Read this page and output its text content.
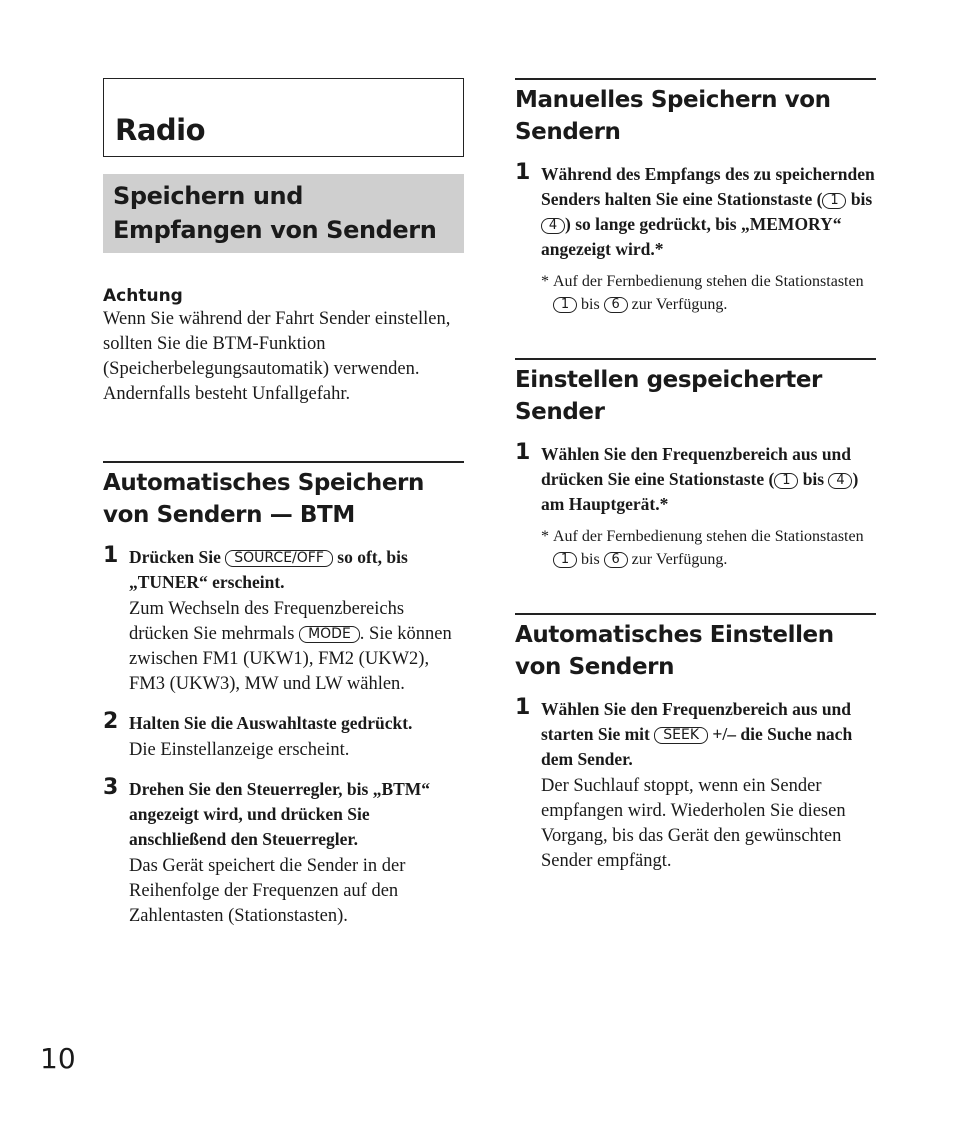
Radio
Speichern und Empfangen von Sendern
Achtung
Wenn Sie während der Fahrt Sender einstellen, sollten Sie die BTM-Funktion (Speicherbelegungsautomatik) verwenden. Andernfalls besteht Unfallgefahr.
Automatisches Speichern von Sendern — BTM
1 Drücken Sie SOURCE/OFF so oft, bis „TUNER“ erscheint.
Zum Wechseln des Frequenzbereichs drücken Sie mehrmals MODE . Sie können zwischen FM1 (UKW1), FM2 (UKW2), FM3 (UKW3), MW und LW wählen.
2 Halten Sie die Auswahltaste gedrückt.
Die Einstellanzeige erscheint.
3 Drehen Sie den Steuerregler, bis „BTM“ angezeigt wird, und drücken Sie anschließend den Steuerregler.
Das Gerät speichert die Sender in der Reihenfolge der Frequenzen auf den Zahlentasten (Stationstasten).
Manuelles Speichern von Sendern
1 Während des Empfangs des zu speichernden Senders halten Sie eine Stationstaste ( 1 bis 4 ) so lange gedrückt, bis „MEMORY“ angezeigt wird.*
* Auf der Fernbedienung stehen die Stationstasten 1 bis 6 zur Verfügung.
Einstellen gespeicherter Sender
1 Wählen Sie den Frequenzbereich aus und drücken Sie eine Stationstaste ( 1 bis 4 ) am Hauptgerät.*
* Auf der Fernbedienung stehen die Stationstasten 1 bis 6 zur Verfügung.
Automatisches Einstellen von Sendern
1 Wählen Sie den Frequenzbereich aus und starten Sie mit SEEK +/– die Suche nach dem Sender.
Der Suchlauf stoppt, wenn ein Sender empfangen wird. Wiederholen Sie diesen Vorgang, bis das Gerät den gewünschten Sender empfängt.
10
